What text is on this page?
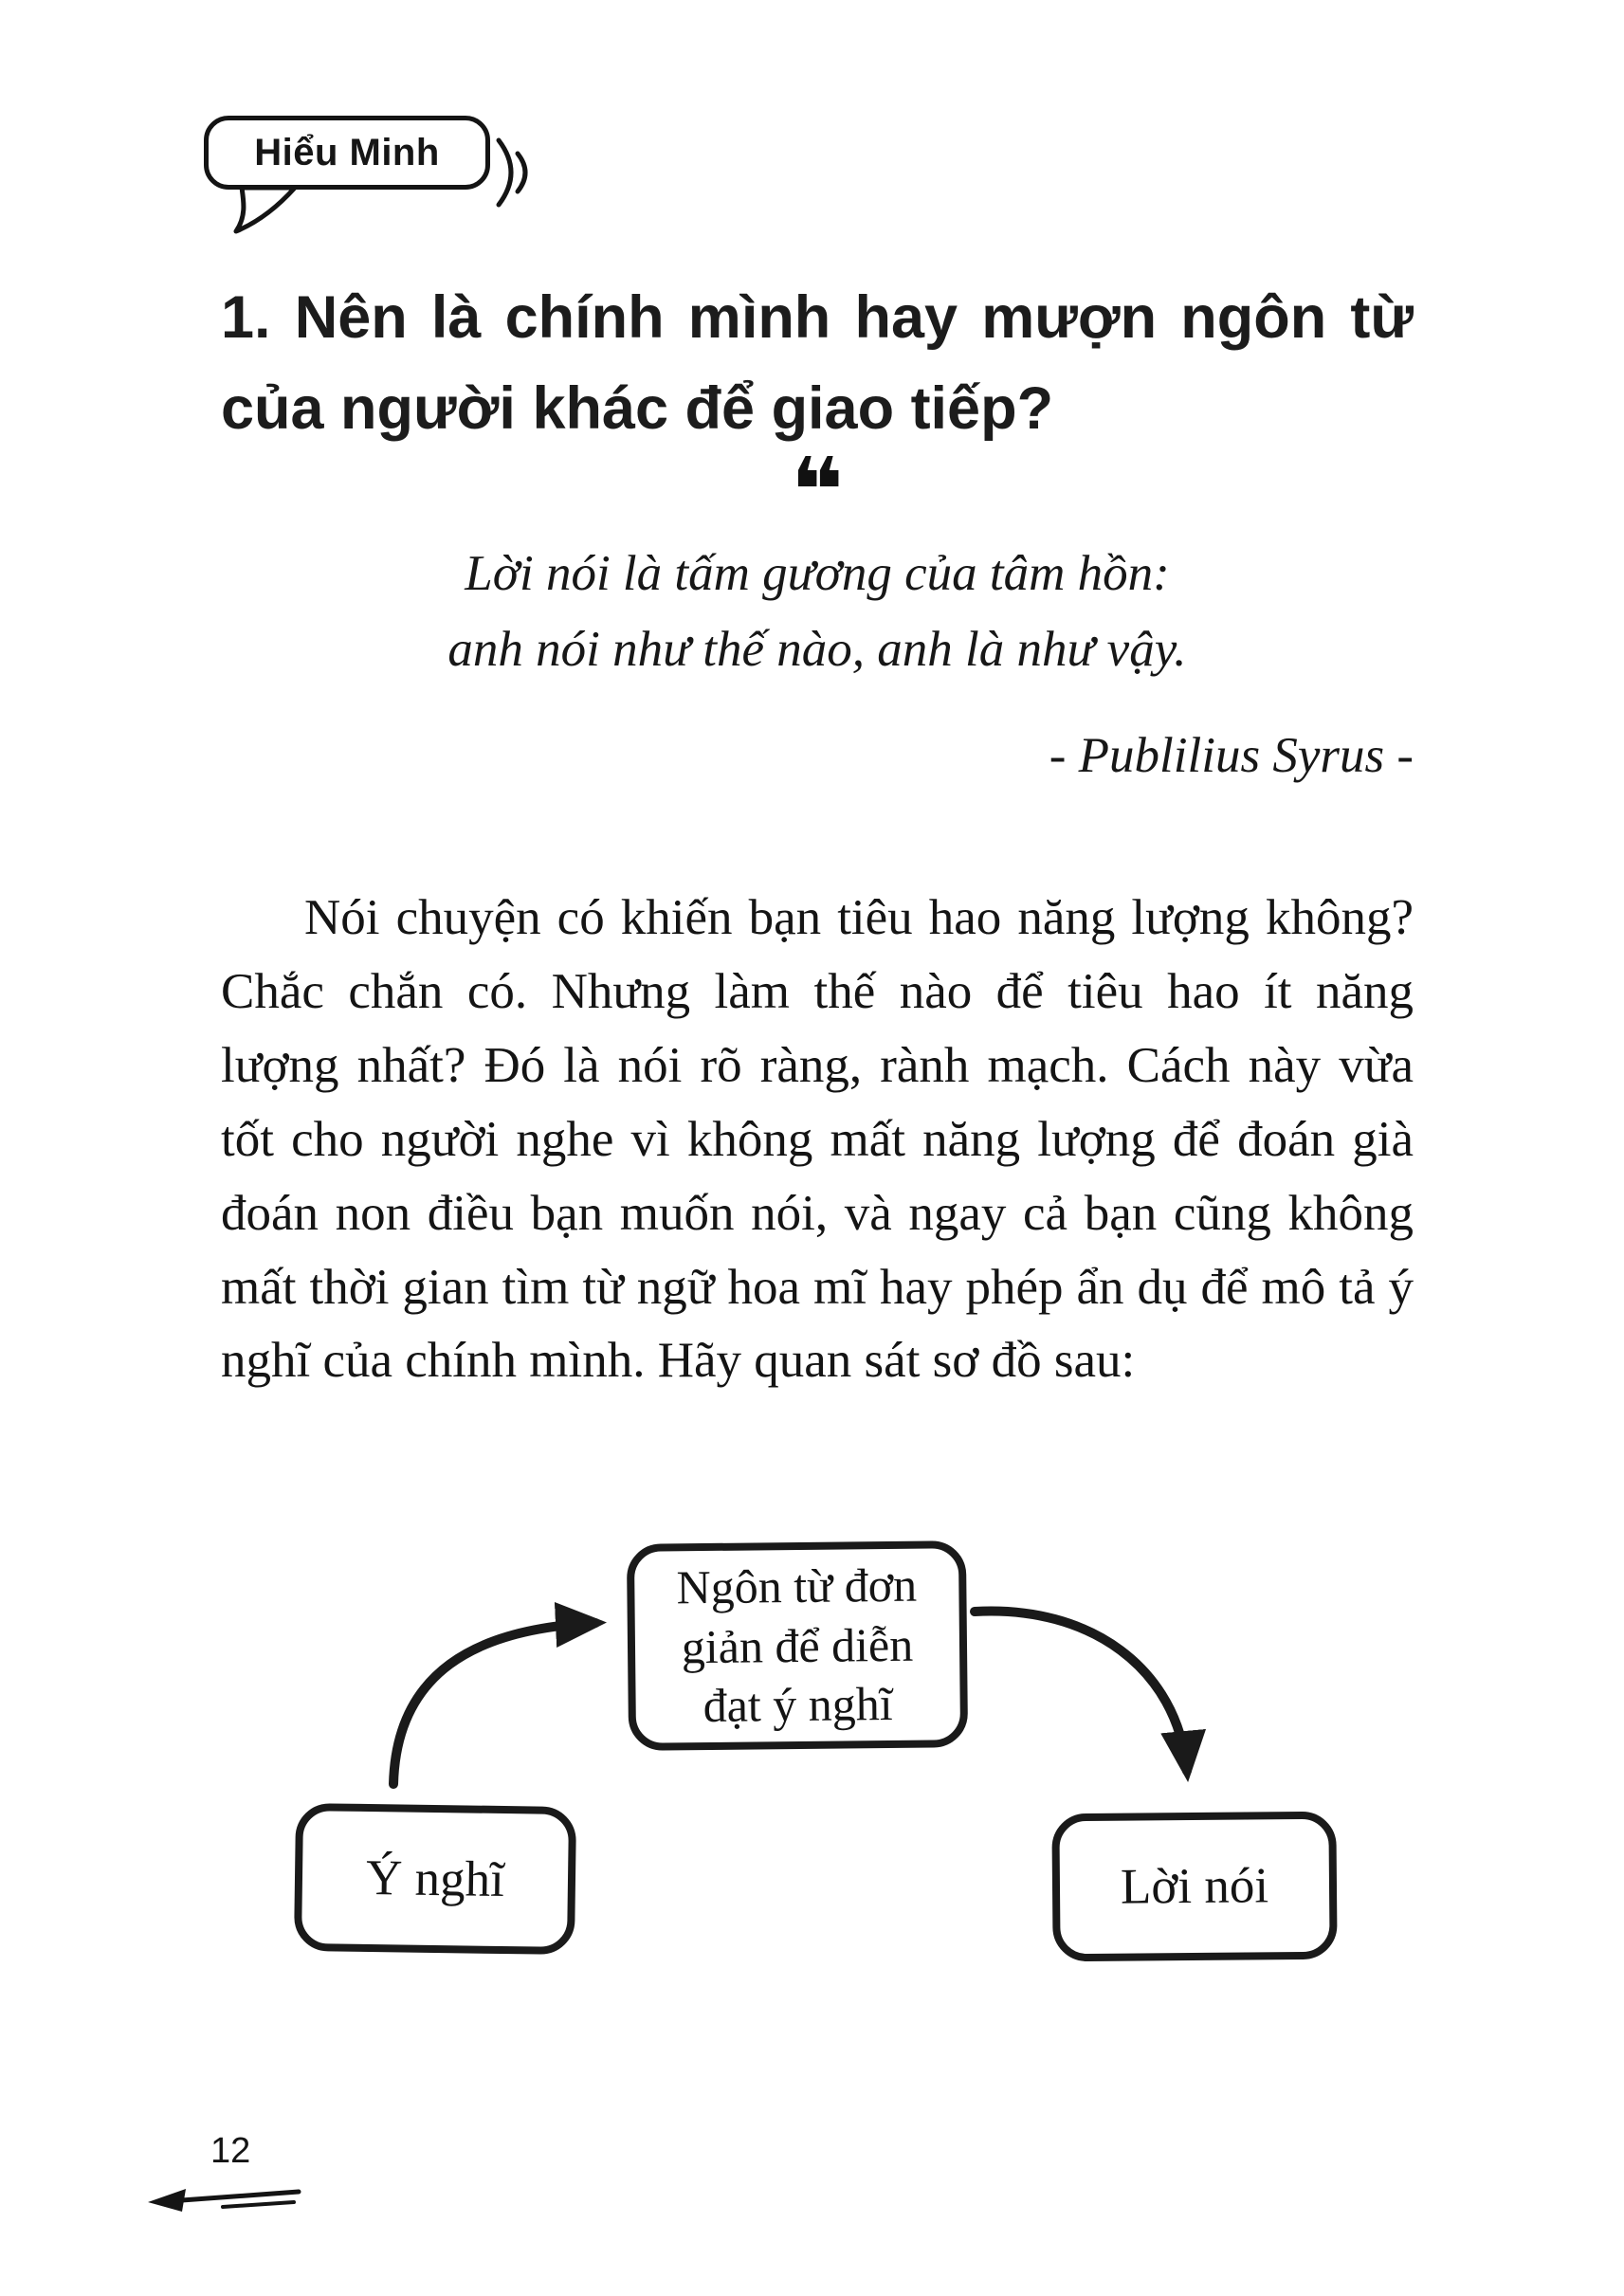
Hiểu Minh
1. Nên là chính mình hay mượn ngôn từ
của người khác để giao tiếp?
❝
Lời nói là tấm gương của tâm hồn:
anh nói như thế nào, anh là như vậy.
- Publilius Syrus -

Nói chuyện có khiến bạn tiêu hao năng lượng không? Chắc chắn có. Nhưng làm thế nào để tiêu hao ít năng lượng nhất? Đó là nói rõ ràng, rành mạch. Cách này vừa tốt cho người nghe vì không mất năng lượng để đoán già đoán non điều bạn muốn nói, và ngay cả bạn cũng không mất thời gian tìm từ ngữ hoa mĩ hay phép ẩn dụ để mô tả ý nghĩ của chính mình. Hãy quan sát sơ đồ sau:

Ngôn từ đơn giản để diễn đạt ý nghĩ
Ý nghĩ	Lời nói
12
